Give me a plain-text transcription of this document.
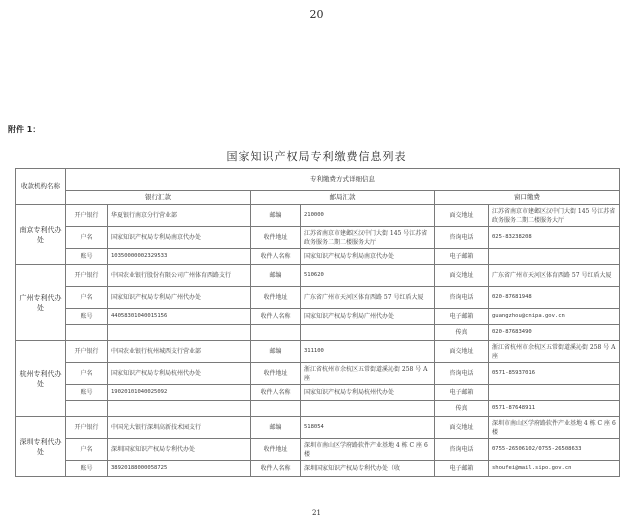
20
附件 1：
国家知识产权局专利缴费信息列表
收款机构名称	专利缴费方式详细信息					
	银行汇款		邮局汇款		窗口缴费	
南京专利代办处	开户银行	华夏银行南京分行营业部	邮编	210000	面交地址	江苏省南京市建邺区汉中门大街 145 号江苏省政务服务二期二楼服务大厅
	户名	国家知识产权局专利局南京代办处	收件地址	江苏省南京市建邺区汉中门大街 145 号江苏省政务服务二期二楼服务大厅	咨询电话	025-83238208
	账号	10350000002329533	收件人名称	国家知识产权局专利局南京代办处	电子邮箱	
广州专利代办处	开户银行	中国农业银行股份有限公司广州体育西路支行	邮编	510620	面交地址	广东省广州市天河区体育西路 57 号红盾大厦
	户名	国家知识产权局专利局广州代办处	收件地址	广东省广州市天河区体育西路 57 号红盾大厦	咨询电话	020-87681948
	账号	44058301040015156	收件人名称	国家知识产权局专利局广州代办处	电子邮箱	guangzhou@cnipa.gov.cn
					传真	020-87683490
杭州专利代办处	开户银行	中国农业银行杭州城西支行营业部	邮编	311100	面交地址	浙江省杭州市余杭区五常街道溪沁街 258 号 A 座
	户名	国家知识产权局专利局杭州代办处	收件地址	浙江省杭州市余杭区五常街道溪沁街 258 号 A 座	咨询电话	0571-85937016
	账号	19020101040025092	收件人名称	国家知识产权局专利局杭州代办处	电子邮箱	
					传真	0571-87648911
深圳专利代办处	开户银行	中国光大银行深圳高新技术园支行	邮编	518054	面交地址	深圳市南山区学府路软件产业基地 4 栋 C 座 6 楼
	户名	深圳国家知识产权局专利代办处	收件地址	深圳市南山区学府路软件产业基地 4 栋 C 座 6 楼	咨询电话	0755-26506102/0755-26508633
	账号	38920188000058725	收件人名称	深圳国家知识产权局专利代办处（收	电子邮箱	shoufei@mail.sipo.gov.cn
21
